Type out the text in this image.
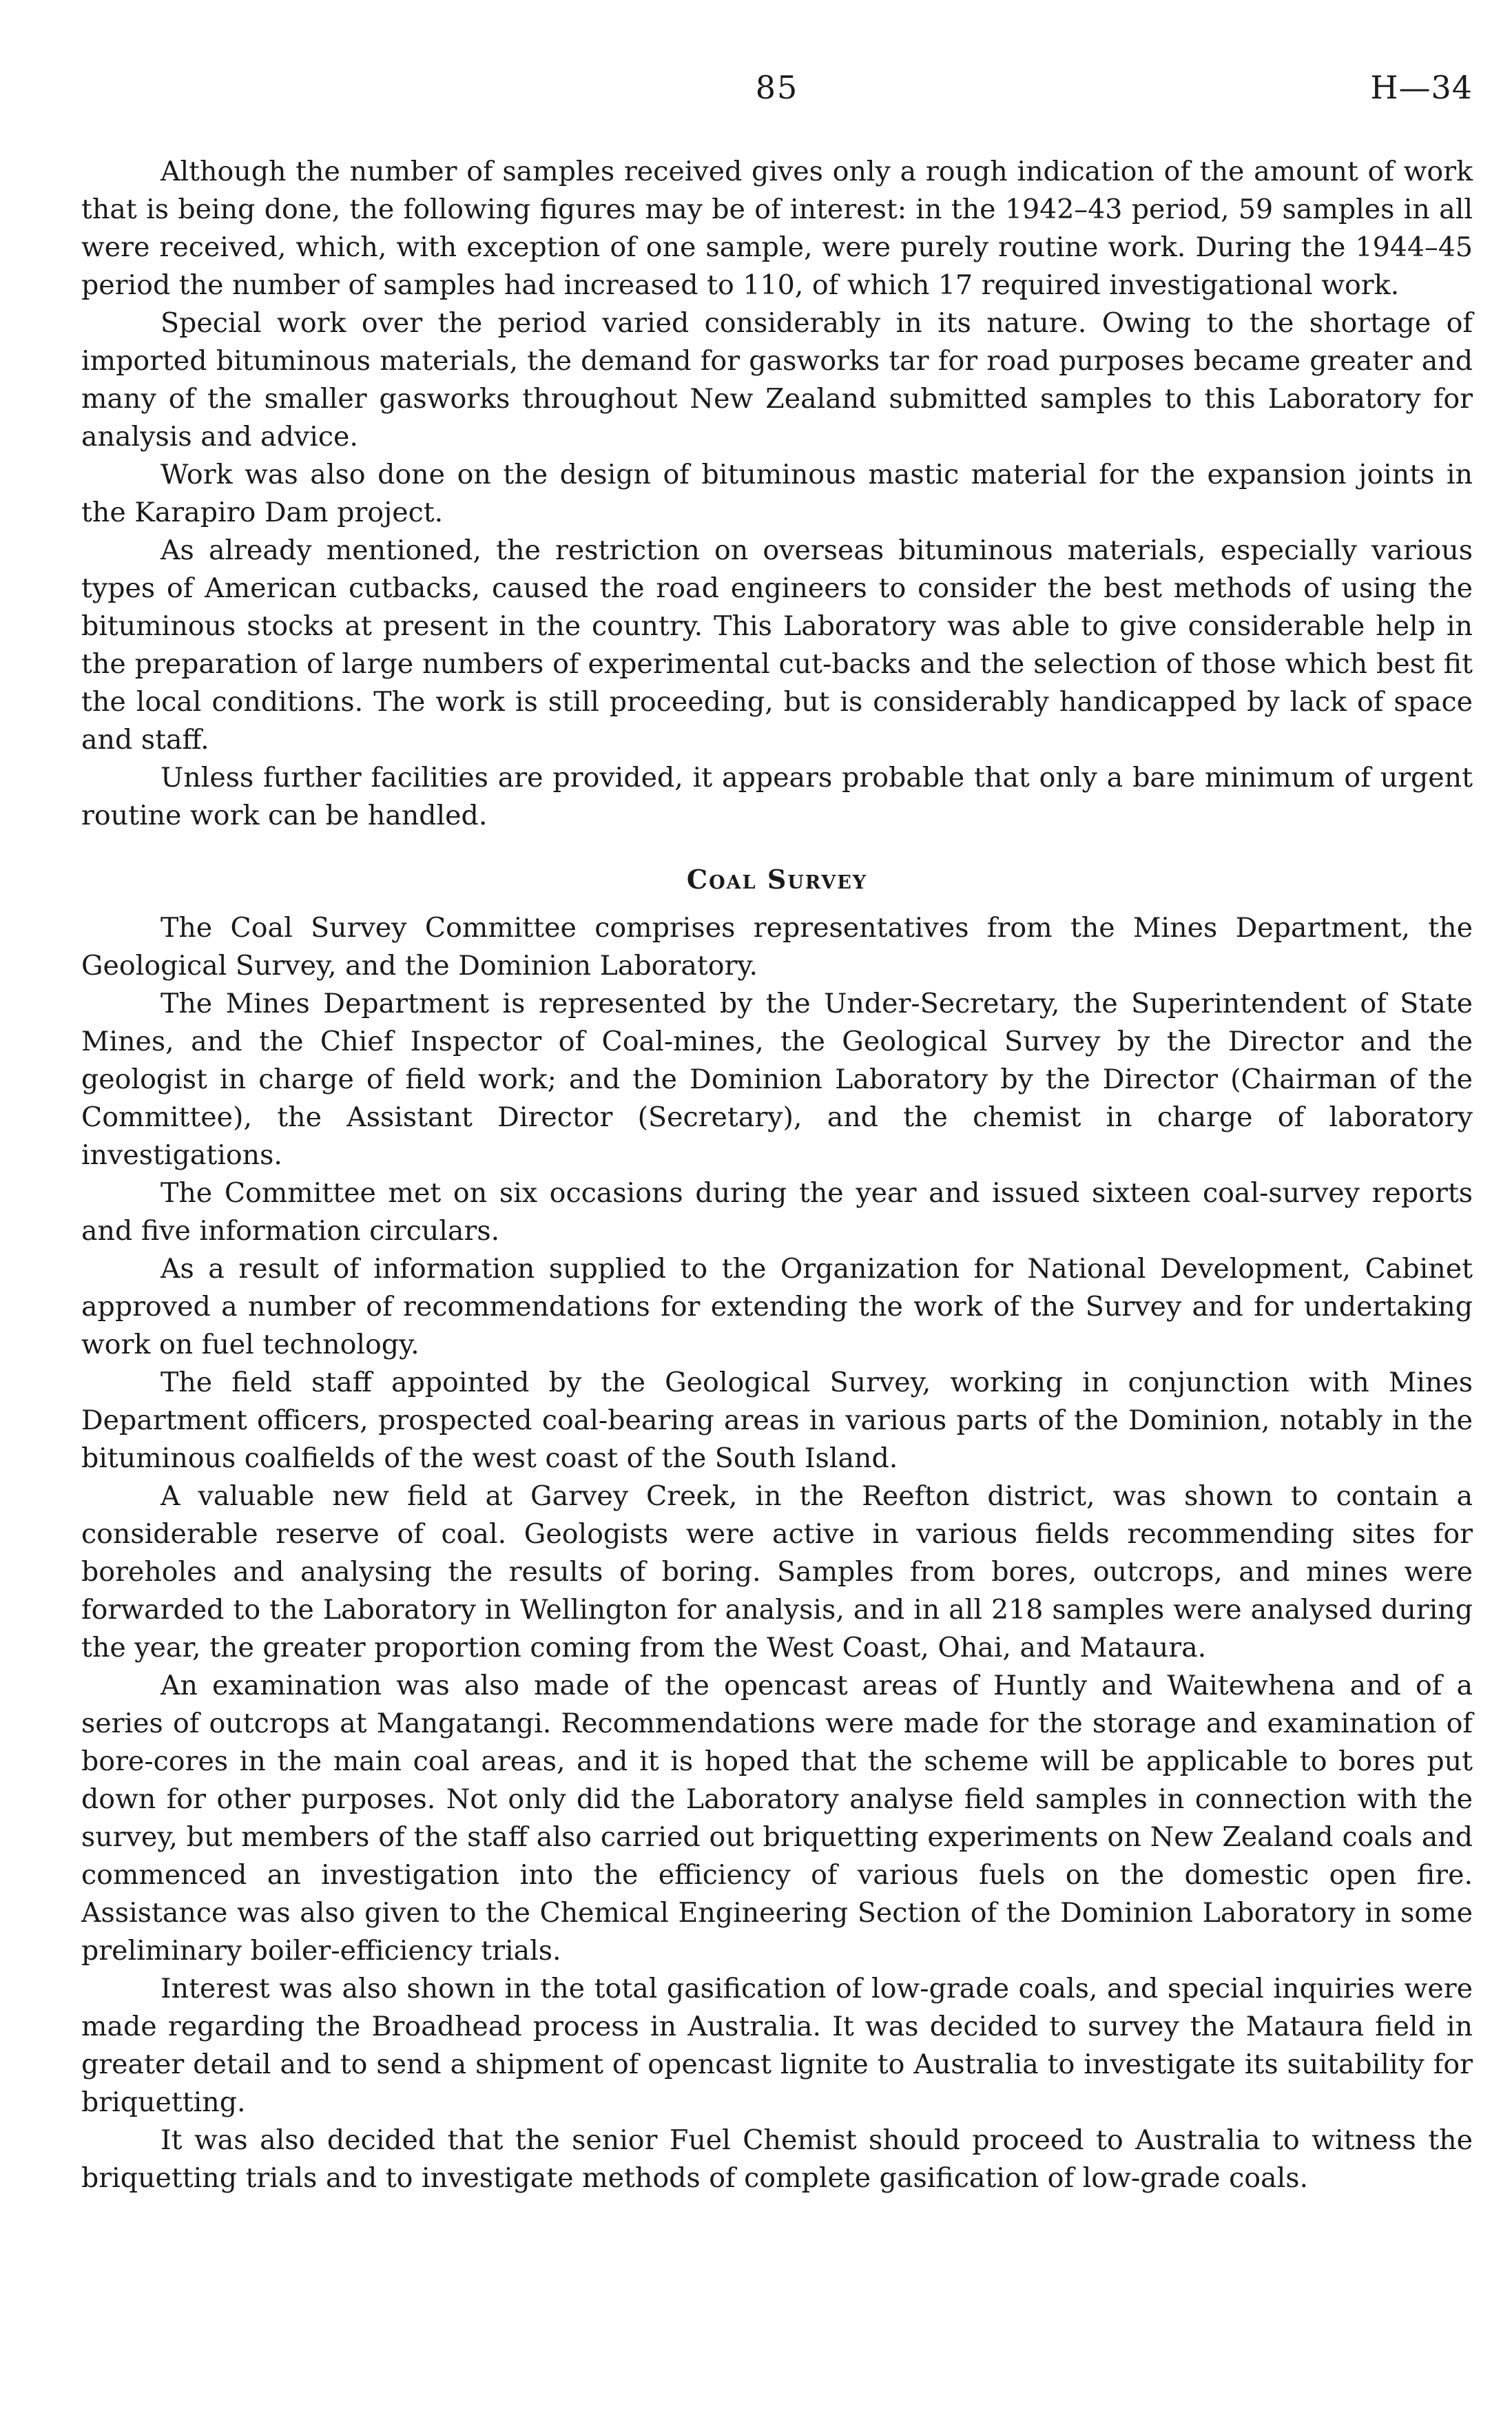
85	H—34

Although the number of samples received gives only a rough indication of the amount of work that is being done, the following figures may be of interest: in the 1942–43 period, 59 samples in all were received, which, with exception of one sample, were purely routine work. During the 1944–45 period the number of samples had increased to 110, of which 17 required investigational work.

Special work over the period varied considerably in its nature. Owing to the shortage of imported bituminous materials, the demand for gasworks tar for road purposes became greater and many of the smaller gasworks throughout New Zealand submitted samples to this Laboratory for analysis and advice.

Work was also done on the design of bituminous mastic material for the expansion joints in the Karapiro Dam project.

As already mentioned, the restriction on overseas bituminous materials, especially various types of American cutbacks, caused the road engineers to consider the best methods of using the bituminous stocks at present in the country. This Laboratory was able to give considerable help in the preparation of large numbers of experimental cut-backs and the selection of those which best fit the local conditions. The work is still proceeding, but is considerably handicapped by lack of space and staff.

Unless further facilities are provided, it appears probable that only a bare minimum of urgent routine work can be handled.

Coal Survey

The Coal Survey Committee comprises representatives from the Mines Department, the Geological Survey, and the Dominion Laboratory.

The Mines Department is represented by the Under-Secretary, the Superintendent of State Mines, and the Chief Inspector of Coal-mines, the Geological Survey by the Director and the geologist in charge of field work; and the Dominion Laboratory by the Director (Chairman of the Committee), the Assistant Director (Secretary), and the chemist in charge of laboratory investigations.

The Committee met on six occasions during the year and issued sixteen coal-survey reports and five information circulars.

As a result of information supplied to the Organization for National Development, Cabinet approved a number of recommendations for extending the work of the Survey and for undertaking work on fuel technology.

The field staff appointed by the Geological Survey, working in conjunction with Mines Department officers, prospected coal-bearing areas in various parts of the Dominion, notably in the bituminous coalfields of the west coast of the South Island.

A valuable new field at Garvey Creek, in the Reefton district, was shown to contain a considerable reserve of coal. Geologists were active in various fields recommending sites for boreholes and analysing the results of boring. Samples from bores, outcrops, and mines were forwarded to the Laboratory in Wellington for analysis, and in all 218 samples were analysed during the year, the greater proportion coming from the West Coast, Ohai, and Mataura.

An examination was also made of the opencast areas of Huntly and Waitewhena and of a series of outcrops at Mangatangi. Recommendations were made for the storage and examination of bore-cores in the main coal areas, and it is hoped that the scheme will be applicable to bores put down for other purposes. Not only did the Laboratory analyse field samples in connection with the survey, but members of the staff also carried out briquetting experiments on New Zealand coals and commenced an investigation into the efficiency of various fuels on the domestic open fire. Assistance was also given to the Chemical Engineering Section of the Dominion Laboratory in some preliminary boiler-efficiency trials.

Interest was also shown in the total gasification of low-grade coals, and special inquiries were made regarding the Broadhead process in Australia. It was decided to survey the Mataura field in greater detail and to send a shipment of opencast lignite to Australia to investigate its suitability for briquetting.

It was also decided that the senior Fuel Chemist should proceed to Australia to witness the briquetting trials and to investigate methods of complete gasification of low-grade coals.
